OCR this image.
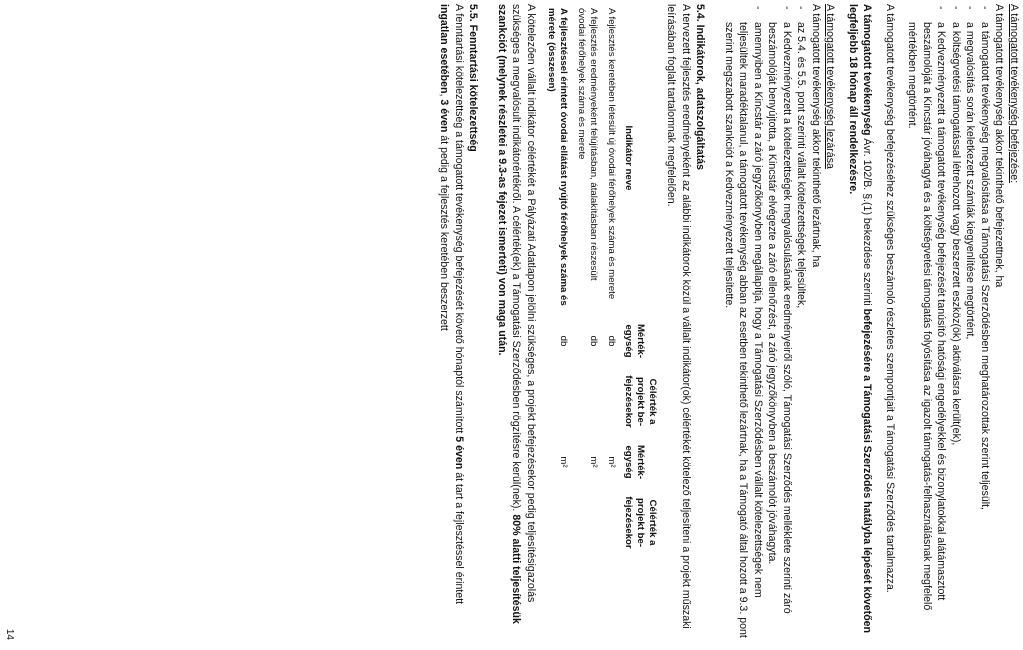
A támogatott tevékenység befejezése:

A támogatott tevékenység akkor tekinthető befejezettnek, ha

-
a támogatott tevékenység megvalósítása a Támogatási Szerződésben meghatározottak szerint teljesült,
-
a megvalósítás során keletkezett számlák kiegyenlítése megtörtént,
-
a költségvetési támogatással létrehozott vagy beszerzett eszköz(ök) aktiválásra került(ek),
-
a Kedvezményezett a támogatott tevékenység befejezését tanúsító hatósági engedélyekkel és bizonylatokkal alátámasztott beszámolóját a Kincstár jóváhagyta és a költségvetési támogatás folyósítása az igazolt támogatás-felhasználásnak megfelelő mértékben megtörtént.

A támogatott tevékenység befejezéséhez szükséges beszámoló részletes szempontjait a Támogatási Szerződés tartalmazza.

A támogatott tevékenység Ávr. 102/B. §.(1) bekezdése szerinti befejezésére a Támogatási Szerződés hatályba lépését követően legfeljebb 18 hónap áll rendelkezésre.

A támogatott tevékenység lezárása

A támogatott tevékenység akkor tekinthető lezártnak, ha

-
az 5.4. és 5.5. pont szerinti vállalt kötelezettségek teljesültek,
-
a Kedvezményezett a kötelezettségek megvalósulásának eredményeiről szóló, Támogatási Szerződés melléklete szerinti záró beszámolóját benyújtotta, a Kincstár elvégezte a záró ellenőrzést, a záró jegyzőkönyvben a beszámolót jóváhagyta.
-
amennyiben a Kincstár a záró jegyzőkönyvben megállapítja, hogy a Támogatási Szerződésben vállalt kötelezettségek nem teljesültek maradéktalanul, a támogatott tevékenység abban az esetben tekinthető lezártnak, ha a Támogató által hozott a 9.3. pont szerint megszabott szankciót a Kedvezményezett teljesítette.

5.4. Indikátorok, adatszolgáltatás

A tervezett fejlesztés eredményeként az alábbi indikátorok közül a vállalt indikátor(ok) célértékét kötelező teljesíteni a projekt műszaki leírásában foglalt tartalomnak megfelelően.

Indikátor neve	Mérték-egység	Célérték a projekt be-fejezésekor	Mérték-egység	Célérték a projekt be-fejezésekor
A fejlesztés keretében létesült új óvodai férőhelyek száma és merete	db		m²	
A fejlesztés eredményeként felújításban, átalakításban részesült óvodai férőhelyek száma és merete	db		m²	
A fejlesztéssel érintett óvodai ellátást nyújtó férőhelyek száma és mérete (összesen)	db		m²	

A kötelezően vállalt indikátor célértékét a Pályázati Adatlapon jelölni szükséges, a projekt befejezésekor pedig teljesítésigazolás szükséges a megvalósult indikátorértékről. A célérték(ek) a Támogatási Szerződésben rögzítésre kerül(nek). 80% alatti teljesítésük szankciót (melynek részletei a 9.3-as fejezet ismerteti) von maga után.

5.5. Fenntartási kötelezettség

A fenntartási kötelezettség a támogatott tevékenység befejezését követő hónaptól számított 5 éven át tart a fejlesztéssel érintett ingatlan esetében, 3 éven át pedig a fejlesztés keretében beszerzett

14
